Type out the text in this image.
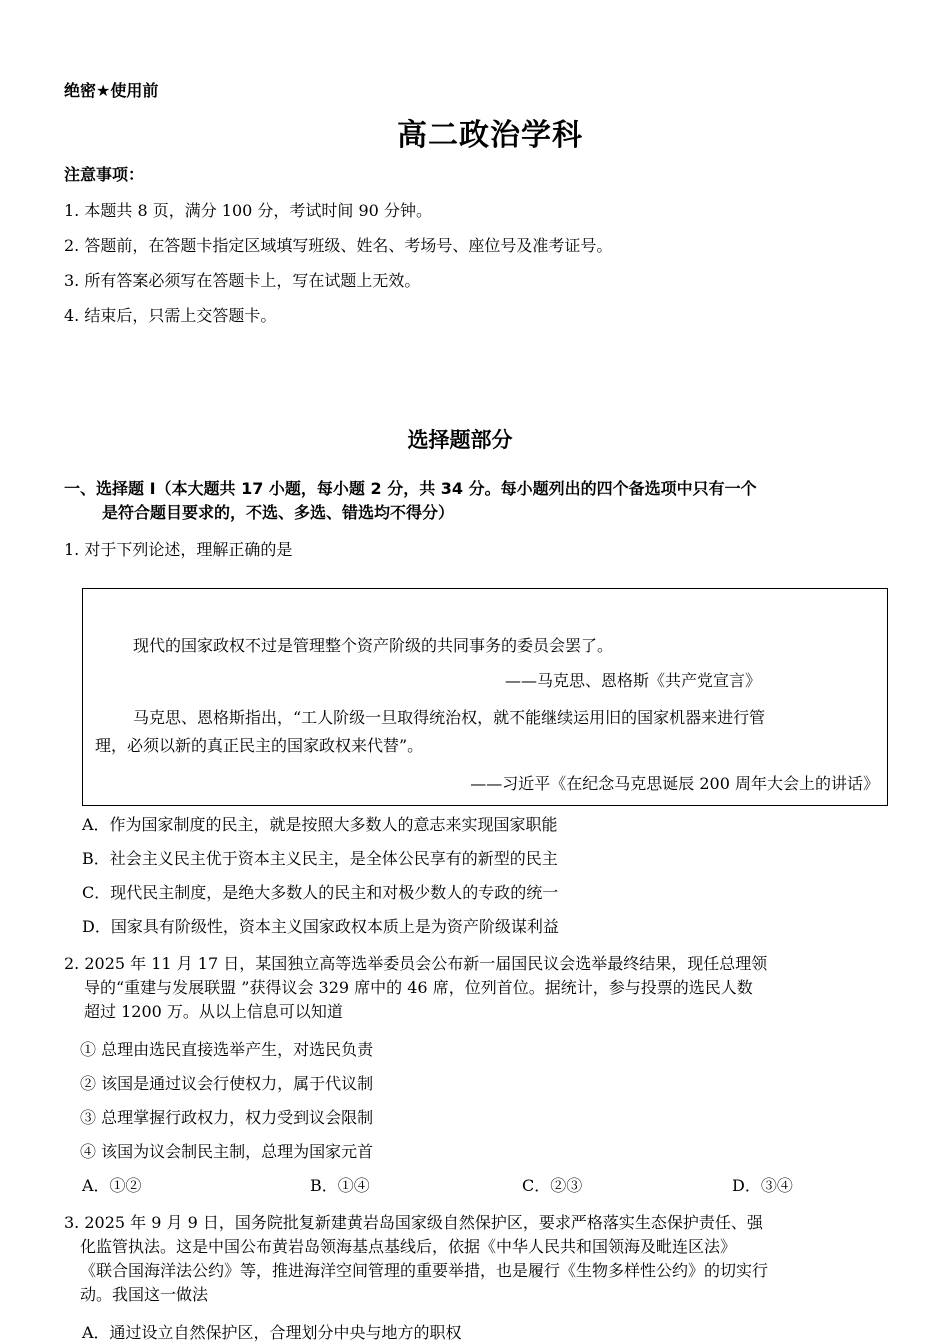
绝密★使用前
高二政治学科
注意事项：
1. 本题共 8 页，满分 100 分，考试时间 90 分钟。
2. 答题前，在答题卡指定区域填写班级、姓名、考场号、座位号及准考证号。
3. 所有答案必须写在答题卡上，写在试题上无效。
4. 结束后，只需上交答题卡。
选择题部分
一、选择题 Ⅰ（本大题共 17 小题，每小题 2 分，共 34 分。每小题列出的四个备选项中只有一个
是符合题目要求的，不选、多选、错选均不得分）
1. 对于下列论述，理解正确的是
现代的国家政权不过是管理整个资产阶级的共同事务的委员会罢了。
——马克思、恩格斯《共产党宣言》
马克思、恩格斯指出，“工人阶级一旦取得统治权，就不能继续运用旧的国家机器来进行管
理，必须以新的真正民主的国家政权来代替”。
——习近平《在纪念马克思诞辰 200 周年大会上的讲话》
A．作为国家制度的民主，就是按照大多数人的意志来实现国家职能
B．社会主义民主优于资本主义民主，是全体公民享有的新型的民主
C．现代民主制度，是绝大多数人的民主和对极少数人的专政的统一
D．国家具有阶级性，资本主义国家政权本质上是为资产阶级谋利益
2. 2025 年 11 月 17 日，某国独立高等选举委员会公布新一届国民议会选举最终结果，现任总理领
导的“重建与发展联盟 ”获得议会 329 席中的 46 席，位列首位。据统计，参与投票的选民人数
超过 1200 万。从以上信息可以知道
① 总理由选民直接选举产生，对选民负责
② 该国是通过议会行使权力，属于代议制
③ 总理掌握行政权力，权力受到议会限制
④ 该国为议会制民主制，总理为国家元首
A．①②	B．①④	C．②③	D．③④
3. 2025 年 9 月 9 日，国务院批复新建黄岩岛国家级自然保护区，要求严格落实生态保护责任、强
化监管执法。这是中国公布黄岩岛领海基点基线后，依据《中华人民共和国领海及毗连区法》
《联合国海洋法公约》等，推进海洋空间管理的重要举措，也是履行《生物多样性公约》的切实行
动。我国这一做法
A．通过设立自然保护区，合理划分中央与地方的职权
